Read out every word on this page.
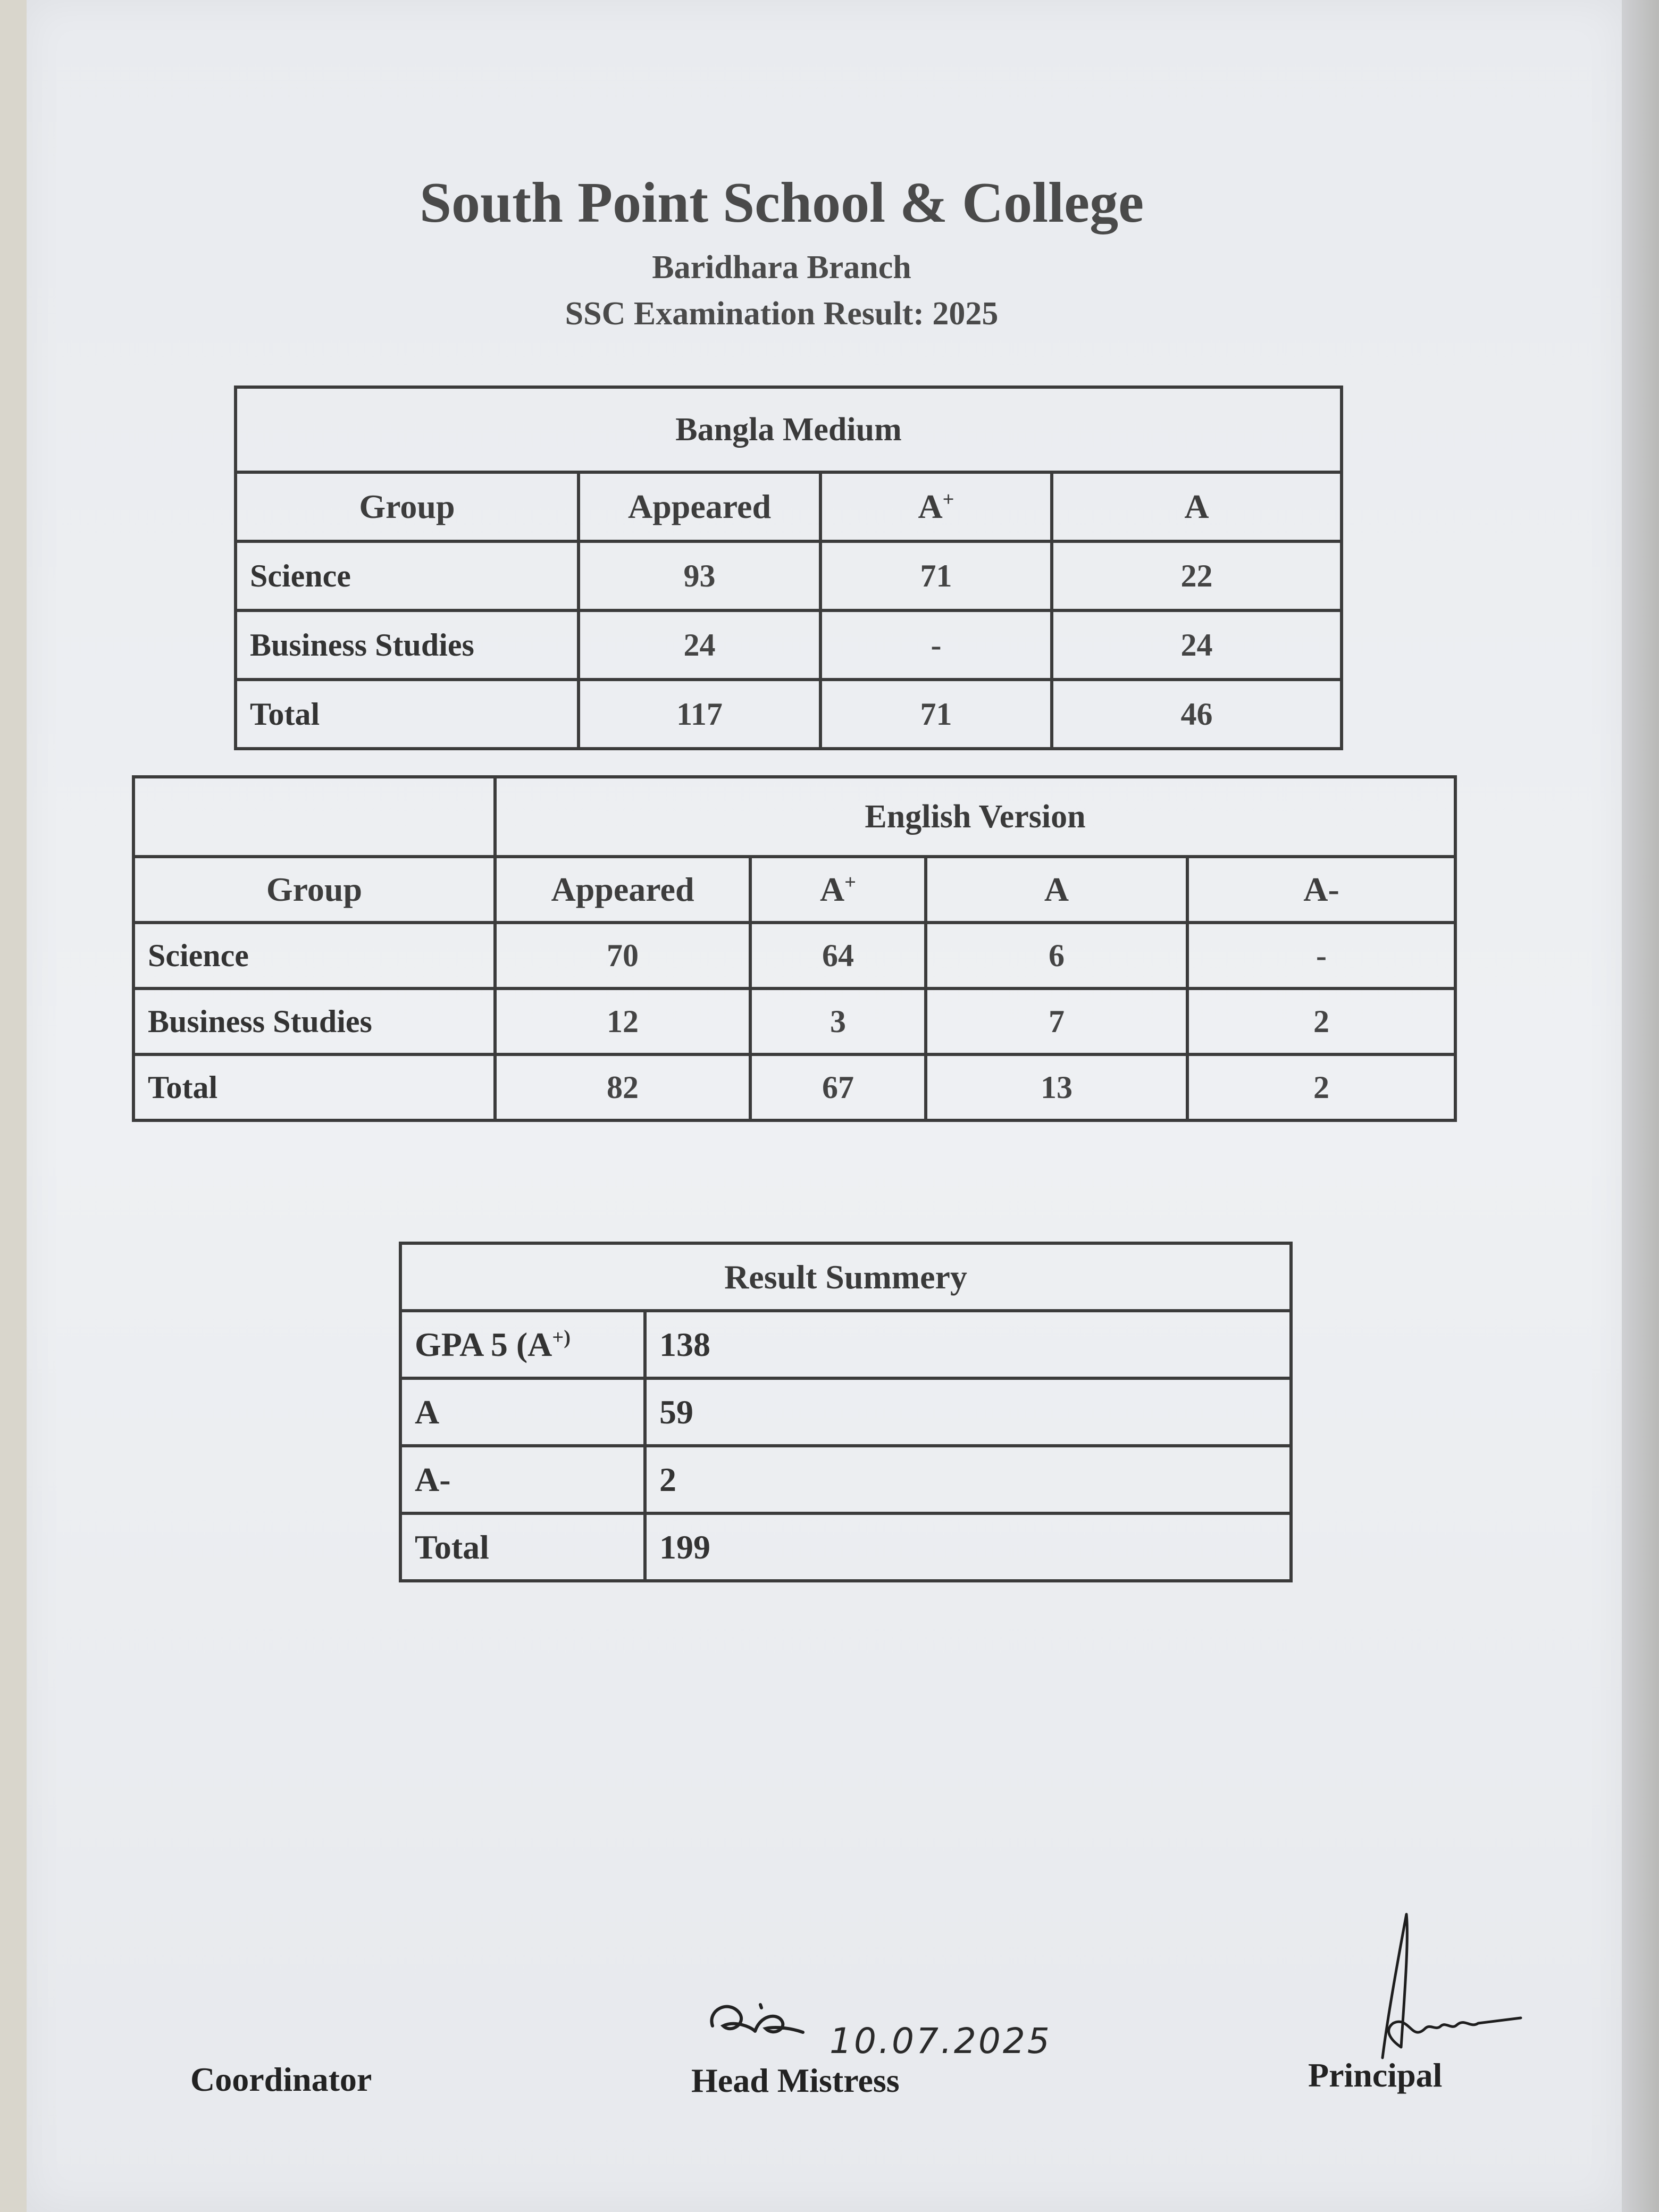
South Point School & College
Baridhara Branch
SSC Examination Result: 2025
Bangla Medium			
Group	Appeared	A+	A
Science	93	71	22
Business Studies	24	-	24
Total	117	71	46
	English Version			
Group	Appeared	A+	A	A-
Science	70	64	6	-
Business Studies	12	3	7	2
Total	82	67	13	2
Result Summery	
GPA 5 (A+)	138
A	59
A-	2
Total	199
10.07.2025
Coordinator	Head Mistress	Principal
